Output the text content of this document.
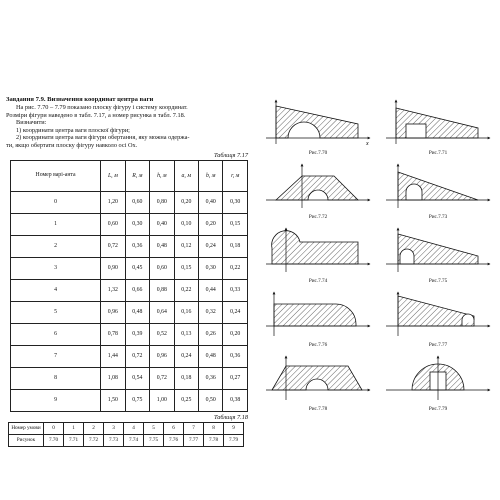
Завдання 7.9. Визначення координат центра ваги

На рис. 7.70 – 7.79 показано плоску фігуру і систему координат.

Розміри фігури наведено в табл. 7.17, а номер рисунка в табл. 7.18.

Визначити:

1) координати центра ваги плоскої фігури;

2) координати центра ваги фігури обертання, яку можна одержа-

ти, якщо обертати плоску фігуру навколо осі Ox.

Таблиця 7.17
Номер варі-анта	L, м	R, м	h, м	a, м	b, м	r, м
0	1,20	0,60	0,80	0,20	0,40	0,30
1	0,60	0,30	0,40	0,10	0,20	0,15
2	0,72	0,36	0,48	0,12	0,24	0,18
3	0,90	0,45	0,60	0,15	0,30	0,22
4	1,32	0,66	0,88	0,22	0,44	0,33
5	0,96	0,48	0,64	0,16	0,32	0,24
6	0,78	0,39	0,52	0,13	0,26	0,20
7	1,44	0,72	0,96	0,24	0,48	0,36
8	1,08	0,54	0,72	0,18	0,36	0,27
9	1,50	0,75	1,00	0,25	0,50	0,38
Таблиця 7.18
Номер умови	0	1	2	3	4	5	6	7	8	9
Рисунок	7.70	7.71	7.72	7.73	7.74	7.75	7.76	7.77	7.78	7.79
x
Рис.7.70	Рис.7.71
Рис.7.72	Рис.7.73
Рис.7.74	Рис.7.75
Рис.7.76	Рис.7.77
Рис.7.78	Рис.7.79
